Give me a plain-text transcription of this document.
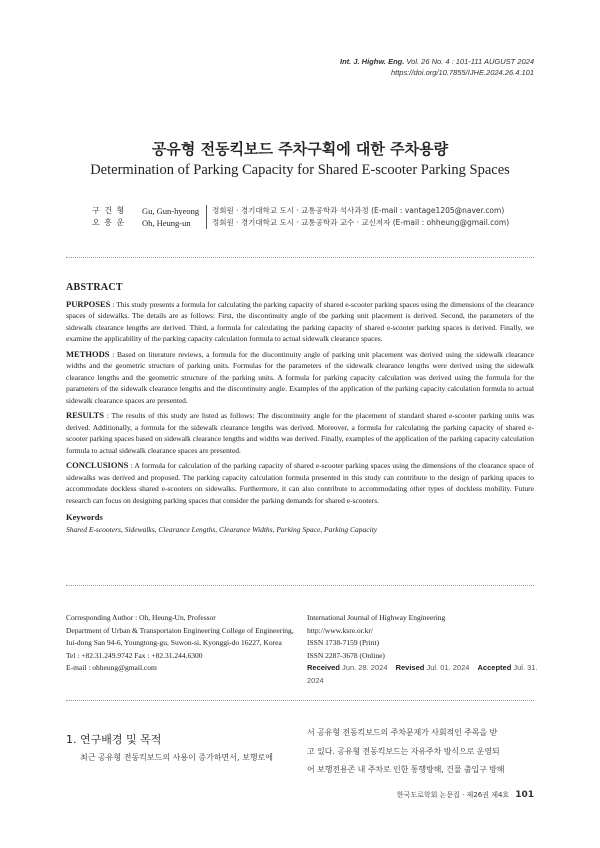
Int. J. Highw. Eng. Vol. 26 No. 4 : 101-111 AUGUST 2024
https://doi.org/10.7855/IJHE.2024.26.4.101
공유형 전동킥보드 주차구획에 대한 주차용량
Determination of Parking Capacity for Shared E-scooter Parking Spaces
구 건 형	Gu, Gun-hyeong	정회원 · 경기대학교 도시 · 교통공학과 석사과정 (E-mail : vantage1205@naver.com)
오 흥 운	Oh, Heung-un	정회원 · 경기대학교 도시 · 교통공학과 교수 · 교신저자 (E-mail : ohheung@gmail.com)
ABSTRACT

PURPOSES : This study presents a formula for calculating the parking capacity of shared e-scooter parking spaces using the dimensions of the clearance spaces of sidewalks. The details are as follows: First, the discontinuity angle of the parking unit placement is derived. Second, the parameters of the sidewalk clearance lengths are derived. Third, a formula for calculating the parking capacity of shared e-scooter parking spaces is derived. Finally, we examine the applicability of the parking capacity calculation formula to actual sidewalk clearance spaces.

METHODS : Based on literature reviews, a formula for the discontinuity angle of parking unit placement was derived using the sidewalk clearance widths and the geometric structure of parking units. Formulas for the parameters of the sidewalk clearance lengths were derived using the sidewalk clearance lengths and the geometric structure of the parking units. A formula for parking capacity calculation was derived using the formula for the parameters of the sidewalk clearance lengths and the discontinuity angle. Examples of the application of the parking capacity calculation formula to actual sidewalk clearance spaces are presented.

RESULTS : The results of this study are listed as follows: The discontinuity angle for the placement of standard shared e-scooter parking units was derived. Additionally, a formula for the sidewalk clearance lengths was derived. Moreover, a formula for calculating the parking capacity of shared e-scooter parking spaces based on sidewalk clearance lengths and widths was derived. Finally, examples of the application of the parking capacity calculation formula to actual sidewalk clearance spaces are presented.

CONCLUSIONS : A formula for calculation of the parking capacity of shared e-scooter parking spaces using the dimensions of the clearance space of sidewalks was derived and proposed. The parking capacity calculation formula presented in this study can contribute to the design of parking spaces to accommodate dockless shared e-scooters on sidewalks. Furthermore, it can also contribute to accommodating other types of dockless mobility. Future research can focus on designing parking spaces that consider the parking demands for shared e-scooters.

Keywords
Shared E-scooters, Sidewalks, Clearance Lengths, Clearance Widths, Parking Space, Parking Capacity
Corresponding Author : Oh, Heung-Un, Professor
Department of Urban & Transportaion Engineering College of Engineering,
Iui-dong San 94-6, Youngtong-gu, Suwon-si, Kyonggi-do 16227, Korea
Tel : +82.31.249.9742 Fax : +82.31.244.6300
E-mail : ohheung@gmail.com
International Journal of Highway Engineering
http://www.ksre.or.kr/
ISSN 1738-7159 (Print)
ISSN 2287-3678 (Online)
Received Jun. 28. 2024 Revised Jul. 01. 2024 Accepted Jul. 31. 2024
1. 연구배경 및 목적
최근 공유형 전동킥보드의 사용이 증가하면서, 보행로에
서 공유형 전동킥보드의 주차문제가 사회적인 주목을 받
고 있다. 공유형 전동킥보드는 자유주차 방식으로 운영되
어 보행전용존 내 주차로 인한 통행방해, 건물 출입구 방해
한국도로학회 논문집 · 제26권 제4호 101
